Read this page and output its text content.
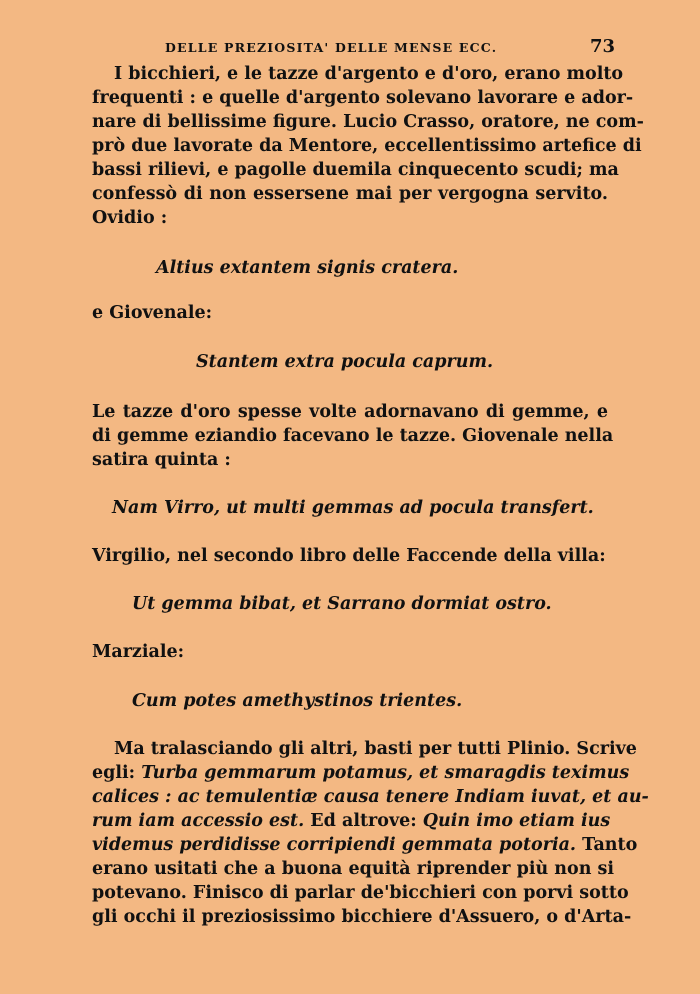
DELLE PREZIOSITA' DELLE MENSE ECC.	73
I bicchieri, e le tazze d'argento e d'oro, erano molto
frequenti : e quelle d'argento solevano lavorare e ador-
nare di bellissime figure. Lucio Crasso, oratore, ne com-
prò due lavorate da Mentore, eccellentissimo artefice di
bassi rilievi, e pagolle duemila cinquecento scudi; ma
confessò di non essersene mai per vergogna servito.
Ovidio :
Altius extantem signis cratera.
e Giovenale:
Stantem extra pocula caprum.
Le tazze d'oro spesse volte adornavano di gemme, e
di gemme eziandio facevano le tazze. Giovenale nella
satira quinta :
Nam Virro, ut multi gemmas ad pocula transfert.
Virgilio, nel secondo libro delle Faccende della villa:
Ut gemma bibat, et Sarrano dormiat ostro.
Marziale:
Cum potes amethystinos trientes.
Ma tralasciando gli altri, basti per tutti Plinio. Scrive
egli: Turba gemmarum potamus, et smaragdis teximus
calices : ac temulentiæ causa tenere Indiam iuvat, et au-
rum iam accessio est. Ed altrove: Quin imo etiam ius
videmus perdidisse corripiendi gemmata potoria. Tanto
erano usitati che a buona equità riprender più non si
potevano. Finisco di parlar de'bicchieri con porvi sotto
gli occhi il preziosissimo bicchiere d'Assuero, o d'Arta-
